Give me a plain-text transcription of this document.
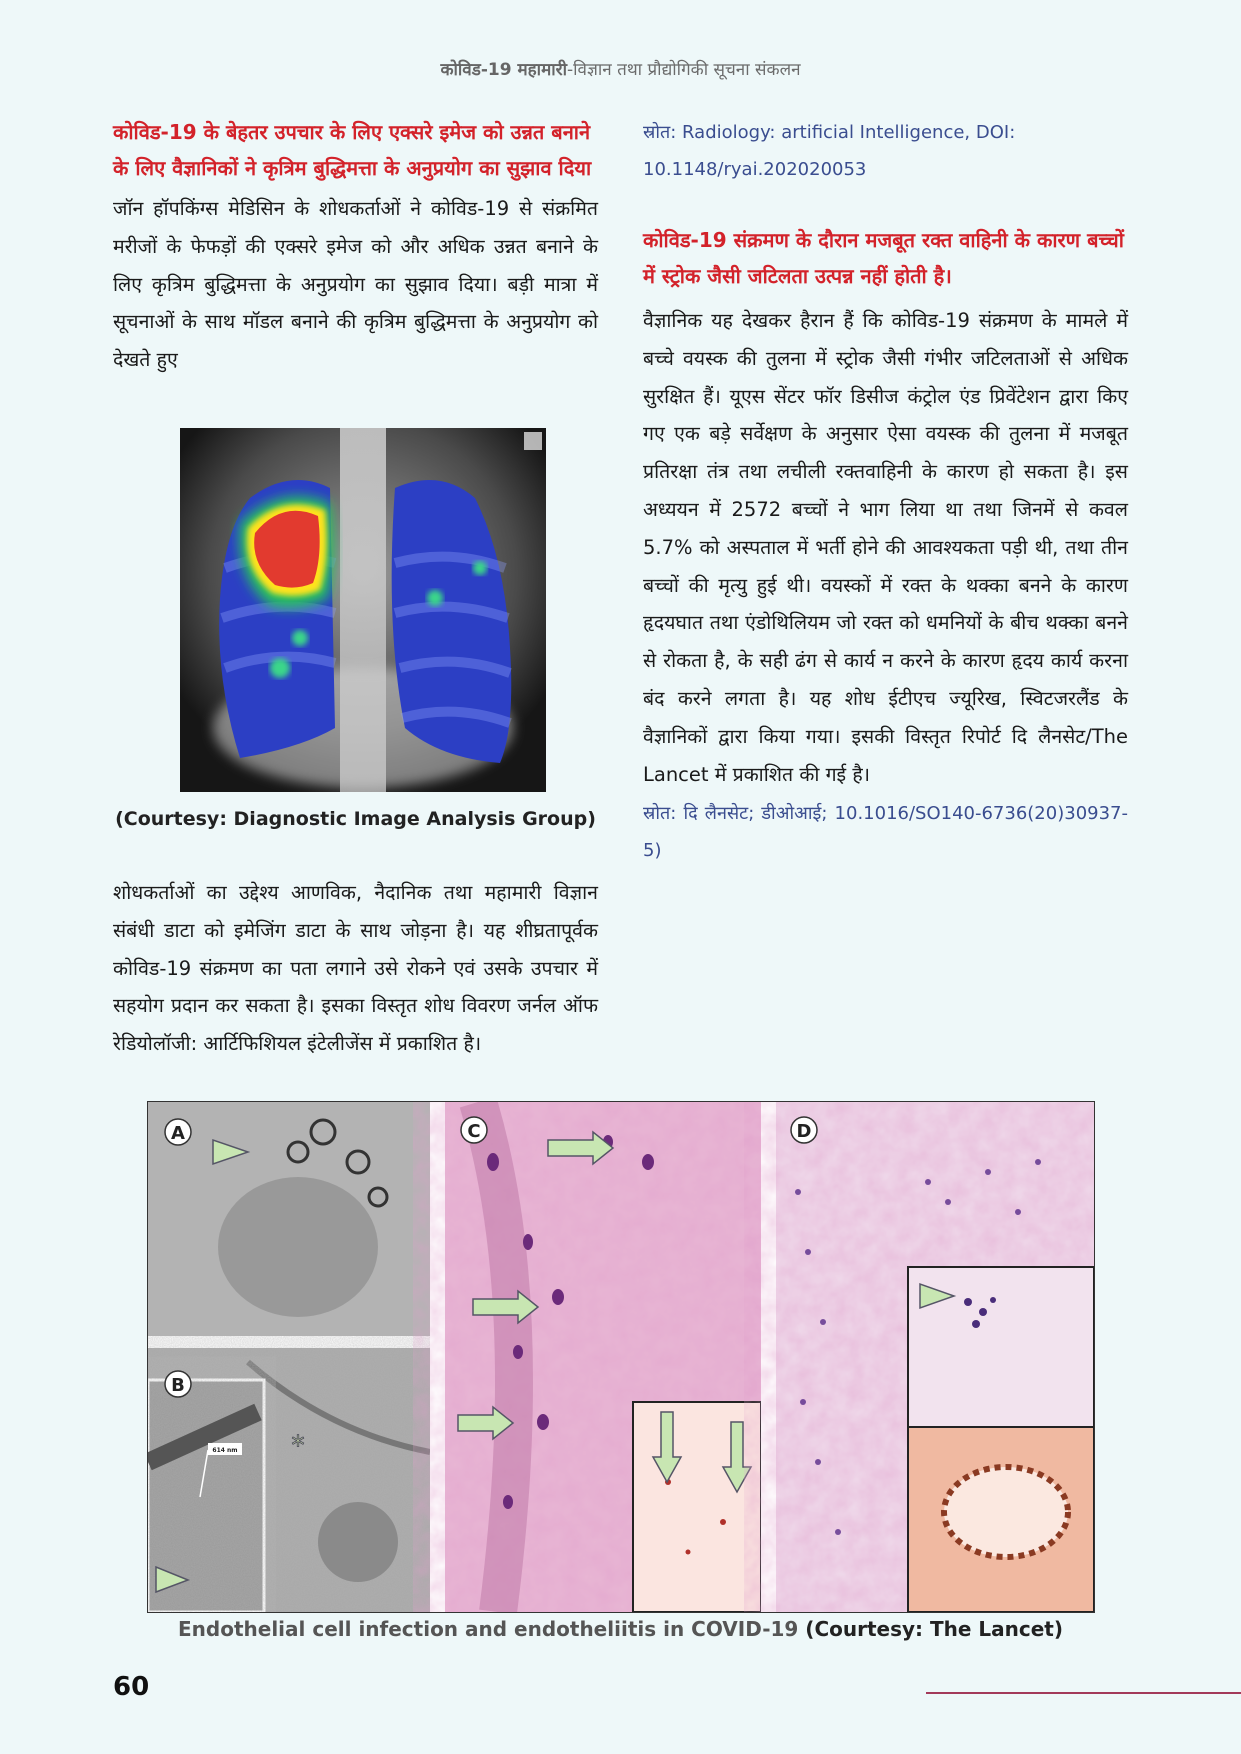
कोविड-19 महामारी-विज्ञान तथा प्रौद्योगिकी सूचना संकलन

कोविड-19 के बेहतर उपचार के लिए एक्सरे इमेज को उन्नत बनाने के लिए वैज्ञानिकों ने कृत्रिम बुद्धिमत्ता के अनुप्रयोग का सुझाव दिया

जॉन हॉपकिंग्स मेडिसिन के शोधकर्ताओं ने कोविड-19 से संक्रमित मरीजों के फेफड़ों की एक्सरे इमेज को और अधिक उन्नत बनाने के लिए कृत्रिम बुद्धिमत्ता के अनुप्रयोग का सुझाव दिया। बड़ी मात्रा में सूचनाओं के साथ मॉडल बनाने की कृत्रिम बुद्धिमत्ता के अनुप्रयोग को देखते हुए

(Courtesy: Diagnostic Image Analysis Group)

शोधकर्ताओं का उद्देश्य आणविक, नैदानिक तथा महामारी विज्ञान संबंधी डाटा को इमेजिंग डाटा के साथ जोड़ना है। यह शीघ्रतापूर्वक कोविड-19 संक्रमण का पता लगाने उसे रोकने एवं उसके उपचार में सहयोग प्रदान कर सकता है। इसका विस्तृत शोध विवरण जर्नल ऑफ रेडियोलॉजी: आर्टिफिशियल इंटेलीजेंस में प्रकाशित है।

स्रोत: Radiology: artificial Intelligence, DOI: 10.1148/ryai.202020053

कोविड-19 संक्रमण के दौरान मजबूत रक्त वाहिनी के कारण बच्चों में स्ट्रोक जैसी जटिलता उत्पन्न नहीं होती है।

वैज्ञानिक यह देखकर हैरान हैं कि कोविड-19 संक्रमण के मामले में बच्चे वयस्क की तुलना में स्ट्रोक जैसी गंभीर जटिलताओं से अधिक सुरक्षित हैं। यूएस सेंटर फॉर डिसीज कंट्रोल एंड प्रिवेंटेशन द्वारा किए गए एक बड़े सर्वेक्षण के अनुसार ऐसा वयस्क की तुलना में मजबूत प्रतिरक्षा तंत्र तथा लचीली रक्तवाहिनी के कारण हो सकता है। इस अध्ययन में 2572 बच्चों ने भाग लिया था तथा जिनमें से कवल 5.7% को अस्पताल में भर्ती होने की आवश्यकता पड़ी थी, तथा तीन बच्चों की मृत्यु हुई थी। वयस्कों में रक्त के थक्का बनने के कारण हृदयघात तथा एंडोथिलियम जो रक्त को धमनियों के बीच थक्का बनने से रोकता है, के सही ढंग से कार्य न करने के कारण हृदय कार्य करना बंद करने लगता है। यह शोध ईटीएच ज्यूरिख, स्विटजरलैंड के वैज्ञानिकों द्वारा किया गया। इसकी विस्तृत रिपोर्ट दि लैनसेट/The Lancet में प्रकाशित की गई है।

स्रोत: दि लैनसेट; डीओआई; 10.1016/SO140-6736(20)30937-5)

A
614 nm
B
*
C	D
Endothelial cell infection and endotheliitis in COVID-19 (Courtesy: The Lancet)
60
